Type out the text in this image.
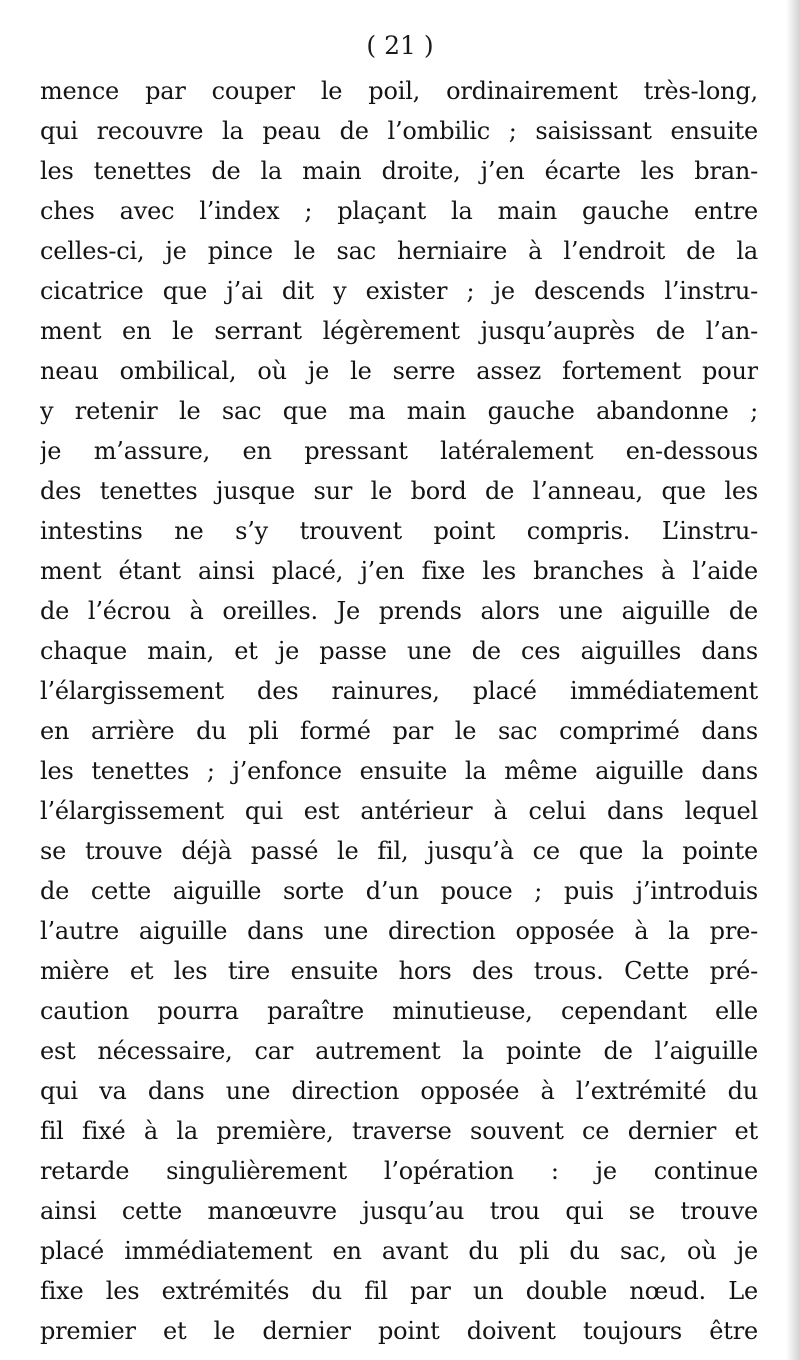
( 21 )
mence par couper le poil, ordinairement très-long,
qui recouvre la peau de l’ombilic ; saisissant ensuite
les tenettes de la main droite, j’en écarte les bran-
ches avec l’index ; plaçant la main gauche entre
celles-ci, je pince le sac herniaire à l’endroit de la
cicatrice que j’ai dit y exister ; je descends l’instru-
ment en le serrant légèrement jusqu’auprès de l’an-
neau ombilical, où je le serre assez fortement pour
y retenir le sac que ma main gauche abandonne ;
je m’assure, en pressant latéralement en-dessous
des tenettes jusque sur le bord de l’anneau, que les
intestins ne s’y trouvent point compris. L’instru-
ment étant ainsi placé, j’en fixe les branches à l’aide
de l’écrou à oreilles. Je prends alors une aiguille de
chaque main, et je passe une de ces aiguilles dans
l’élargissement des rainures, placé immédiatement
en arrière du pli formé par le sac comprimé dans
les tenettes ; j’enfonce ensuite la même aiguille dans
l’élargissement qui est antérieur à celui dans lequel
se trouve déjà passé le fil, jusqu’à ce que la pointe
de cette aiguille sorte d’un pouce ; puis j’introduis
l’autre aiguille dans une direction opposée à la pre-
mière et les tire ensuite hors des trous. Cette pré-
caution pourra paraître minutieuse, cependant elle
est nécessaire, car autrement la pointe de l’aiguille
qui va dans une direction opposée à l’extrémité du
fil fixé à la première, traverse souvent ce dernier et
retarde singulièrement l’opération : je continue
ainsi cette manœuvre jusqu’au trou qui se trouve
placé immédiatement en avant du pli du sac, où je
fixe les extrémités du fil par un double nœud. Le
premier et le dernier point doivent toujours être
